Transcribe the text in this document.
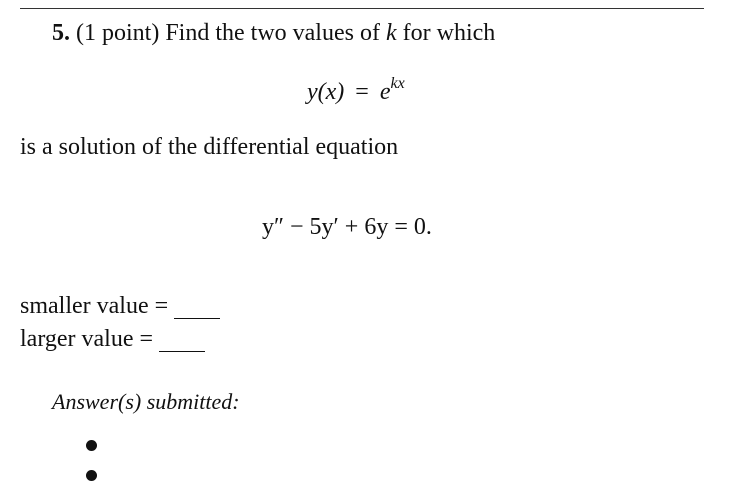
5. (1 point) Find the two values of k for which
$y(x) = e^{kx}$
is a solution of the differential equation
y″ − 5y′ + 6y = 0.
smaller value =
larger value =
Answer(s) submitted:
